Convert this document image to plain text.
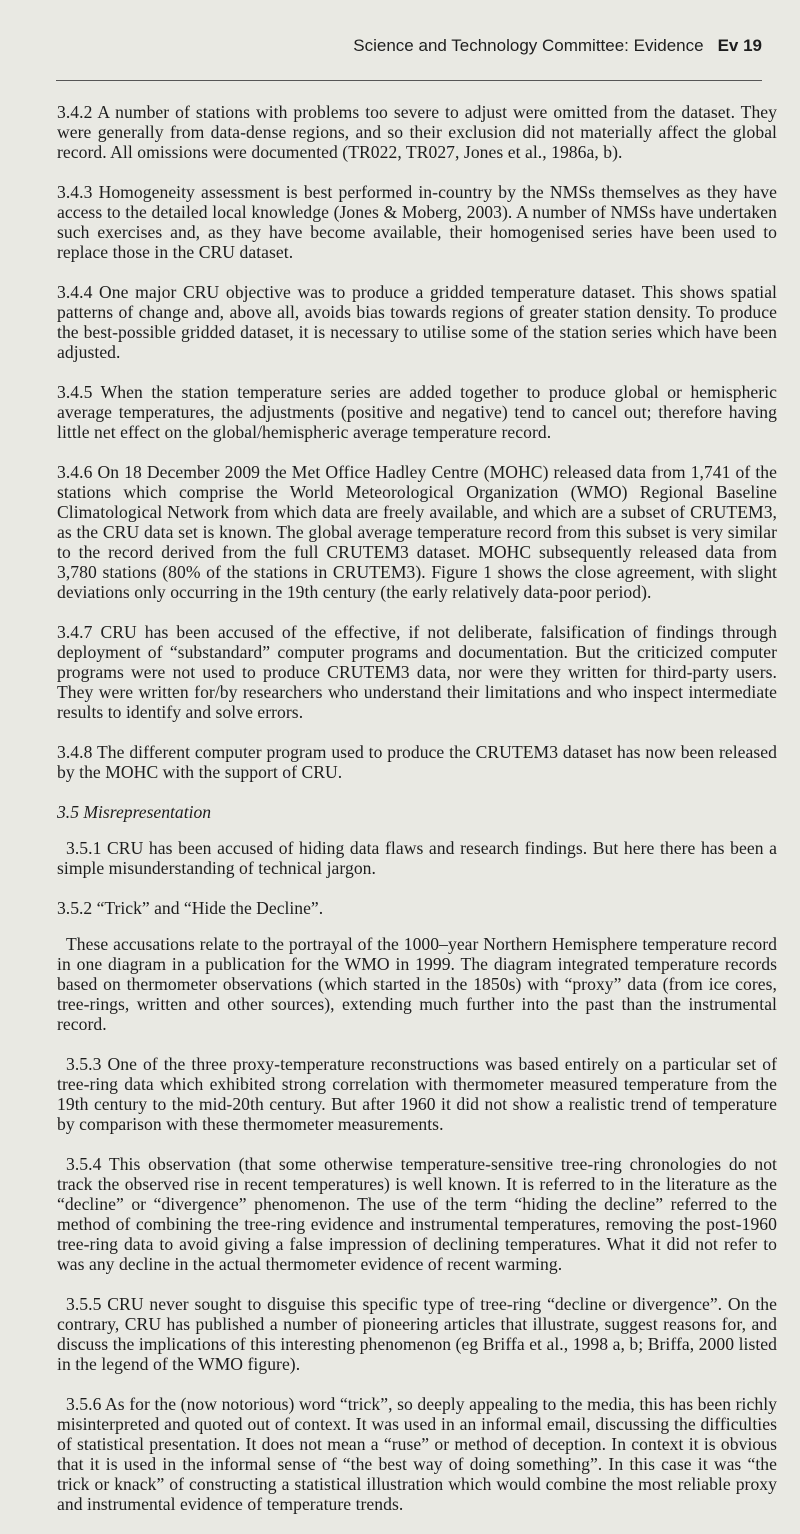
Science and Technology Committee: Evidence Ev 19

3.4.2 A number of stations with problems too severe to adjust were omitted from the dataset. They were generally from data-dense regions, and so their exclusion did not materially affect the global record. All omissions were documented (TR022, TR027, Jones et al., 1986a, b).

3.4.3 Homogeneity assessment is best performed in-country by the NMSs themselves as they have access to the detailed local knowledge (Jones & Moberg, 2003). A number of NMSs have undertaken such exercises and, as they have become available, their homogenised series have been used to replace those in the CRU dataset.

3.4.4 One major CRU objective was to produce a gridded temperature dataset. This shows spatial patterns of change and, above all, avoids bias towards regions of greater station density. To produce the best-possible gridded dataset, it is necessary to utilise some of the station series which have been adjusted.

3.4.5 When the station temperature series are added together to produce global or hemispheric average temperatures, the adjustments (positive and negative) tend to cancel out; therefore having little net effect on the global/hemispheric average temperature record.

3.4.6 On 18 December 2009 the Met Office Hadley Centre (MOHC) released data from 1,741 of the stations which comprise the World Meteorological Organization (WMO) Regional Baseline Climatological Network from which data are freely available, and which are a subset of CRUTEM3, as the CRU data set is known. The global average temperature record from this subset is very similar to the record derived from the full CRUTEM3 dataset. MOHC subsequently released data from 3,780 stations (80% of the stations in CRUTEM3). Figure 1 shows the close agreement, with slight deviations only occurring in the 19th century (the early relatively data-poor period).

3.4.7 CRU has been accused of the effective, if not deliberate, falsification of findings through deployment of “substandard” computer programs and documentation. But the criticized computer programs were not used to produce CRUTEM3 data, nor were they written for third-party users. They were written for/by researchers who understand their limitations and who inspect intermediate results to identify and solve errors.

3.4.8 The different computer program used to produce the CRUTEM3 dataset has now been released by the MOHC with the support of CRU.

3.5 Misrepresentation

3.5.1 CRU has been accused of hiding data flaws and research findings. But here there has been a simple misunderstanding of technical jargon.

3.5.2 “Trick” and “Hide the Decline”.

These accusations relate to the portrayal of the 1000–year Northern Hemisphere temperature record in one diagram in a publication for the WMO in 1999. The diagram integrated temperature records based on thermometer observations (which started in the 1850s) with “proxy” data (from ice cores, tree-rings, written and other sources), extending much further into the past than the instrumental record.

3.5.3 One of the three proxy-temperature reconstructions was based entirely on a particular set of tree-ring data which exhibited strong correlation with thermometer measured temperature from the 19th century to the mid-20th century. But after 1960 it did not show a realistic trend of temperature by comparison with these thermometer measurements.

3.5.4 This observation (that some otherwise temperature-sensitive tree-ring chronologies do not track the observed rise in recent temperatures) is well known. It is referred to in the literature as the “decline” or “divergence” phenomenon. The use of the term “hiding the decline” referred to the method of combining the tree-ring evidence and instrumental temperatures, removing the post-1960 tree-ring data to avoid giving a false impression of declining temperatures. What it did not refer to was any decline in the actual thermometer evidence of recent warming.

3.5.5 CRU never sought to disguise this specific type of tree-ring “decline or divergence”. On the contrary, CRU has published a number of pioneering articles that illustrate, suggest reasons for, and discuss the implications of this interesting phenomenon (eg Briffa et al., 1998 a, b; Briffa, 2000 listed in the legend of the WMO figure).

3.5.6 As for the (now notorious) word “trick”, so deeply appealing to the media, this has been richly misinterpreted and quoted out of context. It was used in an informal email, discussing the difficulties of statistical presentation. It does not mean a “ruse” or method of deception. In context it is obvious that it is used in the informal sense of “the best way of doing something”. In this case it was “the trick or knack” of constructing a statistical illustration which would combine the most reliable proxy and instrumental evidence of temperature trends.
